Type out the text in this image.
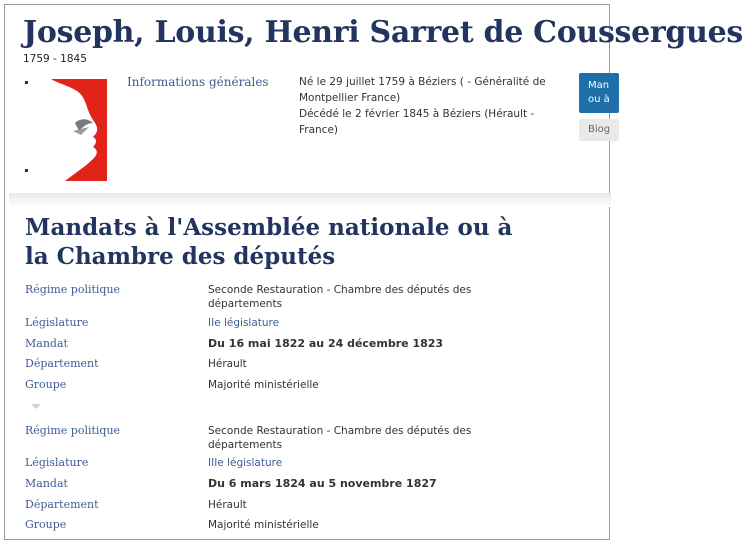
Joseph, Louis, Henri Sarret de Coussergues
1759 - 1845
Informations générales	Né le 29 juillet 1759 à Béziers ( - Généralité de Montpellier France)
Décédé le 2 février 1845 à Béziers (Hérault - France)
Man
ou à
Biog
Mandats à l'Assemblée nationale ou à la Chambre des députés
Régime politique	Seconde Restauration - Chambre des députés des départements
Législature	IIe législature
Mandat	Du 16 mai 1822 au 24 décembre 1823
Département	Hérault
Groupe	Majorité ministérielle
Régime politique	Seconde Restauration - Chambre des députés des départements
Législature	IIIe législature
Mandat	Du 6 mars 1824 au 5 novembre 1827
Département	Hérault
Groupe	Majorité ministérielle
